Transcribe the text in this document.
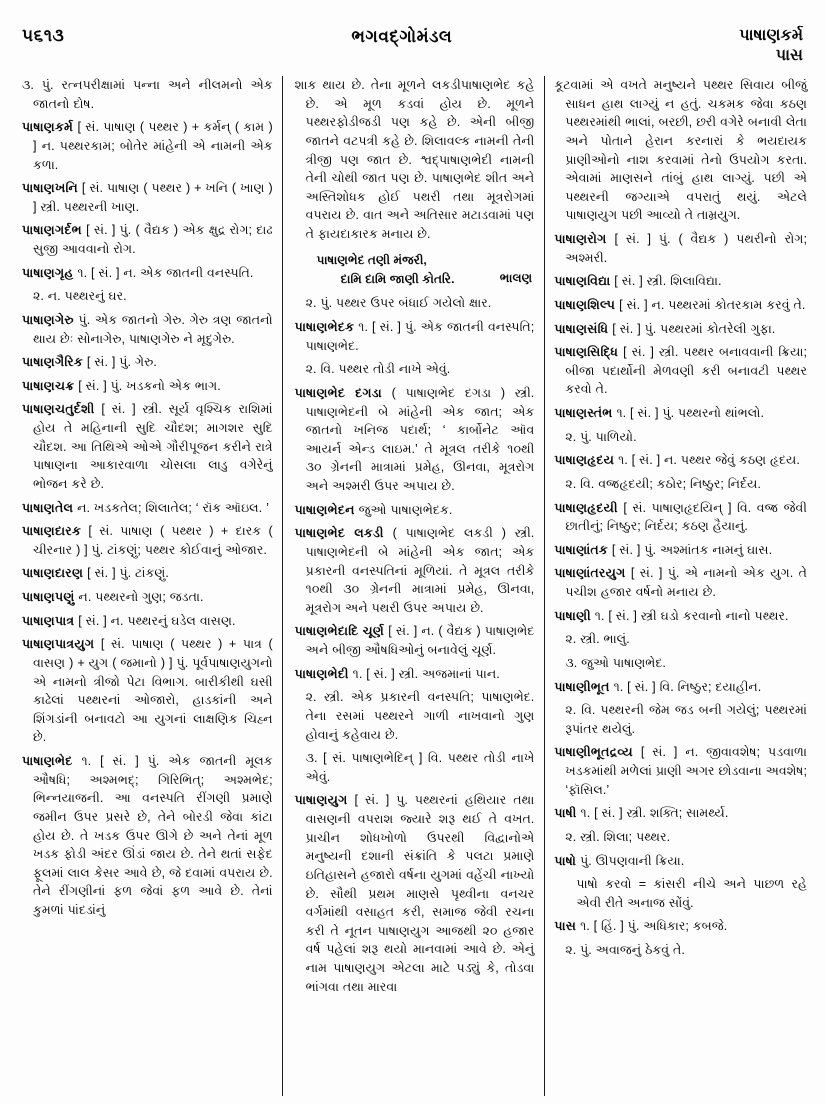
૫૬૧૩	ભગવદ્ગોમંડલ	પાષાણકર્મ
પાસ
૩. પું. રત્નપરીક્ષામાં પન્ના અને નીલમનો એક જાતનો દોષ.
પાષાણકર્મ [ સં. પાષાણ ( પથ્થર ) + કર્મન્ ( કામ ) ] ન. પથ્થરકામ; બોતેર માંહેની એ નામની એક કળા.
પાષાણખનિ [ સં. પાષાણ ( પથ્થર ) + ખનિ ( ખાણ ) ] સ્ત્રી. પથ્થરની ખાણ.
પાષાણગર્દભ [ સં. ] પું. ( વૈદ્યક ) એક ક્ષુદ્ર રોગ; દાઢ સુજી આવવાનો રોગ.
પાષાણગૃહ ૧. [ સં. ] ન. એક જાતની વનસ્પતિ.
૨. ન. પથ્થરનું ઘર.
પાષાણગેરુ પું. એક જાતનો ગેરુ. ગેરુ ત્રણ જાતનો થાય છેઃ સોનાગેરુ, પાષાણગેરુ ને મૃદુગેરુ.
પાષાણગૈરિક [ સં. ] પું. ગેરુ.
પાષાણચક્ર [ સં. ] પું. ખડકનો એક ભાગ.
પાષાણચતુર્દશી [ સં. ] સ્ત્રી. સૂર્ય વૃશ્ચિક રાશિમાં હોય તે મહિનાની સુદિ ચૌદશ; માગશર સુદિ ચૌદશ. આ તિથિએ ઓએ ગૌરીપૂજન કરીને રાત્રે પાષાણના આકારવાળા ચોસલા લાડુ વગેરેનું ભોજન કરે છે.
પાષાણતેલ ન. ખડકતેલ; શિલાતેલ; ‘ રૉક ઑઇલ. ’
પાષાણદારક [ સં. પાષાણ ( પથ્થર ) + દારક ( ચીરનાર ) ] પું. ટાંકણું; પથ્થર કોઈવાનું ઓજાર.
પાષાણદારણ [ સં. ] પું. ટાંકણું.
પાષાણપણું ન. પથ્થરનો ગુણ; જડતા.
પાષાણપાત્ર [ સં. ] ન. પથ્થરનું ઘડેલ વાસણ.
પાષાણપાત્રયુગ [ સં. પાષાણ ( પથ્થર ) + પાત્ર ( વાસણ ) + યુગ ( જમાનો ) ] પું. પૂર્વપાષાણયુગનો એ નામનો ત્રીજો પેટા વિભાગ. બારીકીથી ઘસી કાઢેલાં પથ્થરનાં ઓજારો, હાડકાંની અને શિંગડાંની બનાવટો આ યુગનાં લાક્ષણિક ચિહ્ન છે.
પાષાણભેદ ૧. [ સં. ] પું. એક જાતની મૂલક ઔષધિ; અશ્મભદ્; ગિરિભિત્; અશ્મભેદ; ભિન્નયાજની. આ વનસ્પતિ રીંગણી પ્રમાણે જમીન ઉપર પ્રસરે છે, તેને બોરડી જેવા કાંટા હોય છે. તે ખડક ઉપર ઊગે છે અને તેનાં મૂળ ખડક ફોડી અંદર ઊંડાં જાય છે. તેને થતાં સફેદ ફૂલમાં લાલ કેસર આવે છે, જે દવામાં વપરાય છે. તેને રીંગણીનાં ફળ જેવાં ફળ આવે છે. તેનાં કુમળાં પાંદડાંનું
શાક થાય છે. તેના મૂળને લકડીપાષાણભેદ કહે છે. એ મૂળ કડવાં હોય છે. મૂળને પથ્થરફોડીજડી પણ કહે છે. એની બીજી જાતને વટપત્રી કહે છે. શિલાવલ્ક નામની તેની ત્રીજી પણ જાત છે. શ્વદ્પાષાણભેદી નામની તેની ચોથી જાત પણ છે. પાષાણભેદ શીત અને અસ્તિશોધક હોઈ પથરી તથા મૂત્રરોગમાં વપરાય છે. વાત અને અતિસાર મટાડવામાં પણ તે ફાયદાકારક મનાય છે.
પાષાણભેદ તણી મંજરી,
દામિ દામિ જાણી કોતરિ.	ભાલણ
૨. પું. પથ્થર ઉપર બંધાઈ ગયેલો ક્ષાર.
પાષાણભેદક ૧. [ સં. ] પું. એક જાતની વનસ્પતિ; પાષાણભેદ.
૨. વિ. પથ્થર તોડી નાખે એવું.
પાષાણભેદ દગડા ( પાષાણભેદ દગડા ) સ્ત્રી. પાષાણભેદની બે માંહેની એક જાત; એક જાતનો ખનિજ પદાર્થ; ‘ કાર્બોનેટ ઑવ આયર્ન એન્ડ લાઇમ.’ તે મૂત્રલ તરીકે ૧૦થી ૩૦ ગ્રેનની માત્રામાં પ્રમેહ, ઊનવા, મૂત્રરોગ અને અશ્મરી ઉપર અપાય છે.
પાષાણભેદન જુઓ પાષાણભેદક.
પાષાણભેદ લકડી ( પાષાણભેદ લકડી ) સ્ત્રી. પાષાણભેદની બે માંહેની એક જાત; એક પ્રકારની વનસ્પતિનાં મૂળિયાં. તે મૂત્રલ તરીકે ૧૦થી ૩૦ ગ્રેનની માત્રામાં પ્રમેહ, ઊનવા, મૂત્રરોગ અને પથરી ઉપર અપાય છે.
પાષાણભેદાદિ ચૂર્ણ [ સં. ] ન. ( વૈદ્યક ) પાષાણભેદ અને બીજી ઔષધિઓનું બનાવેલું ચૂર્ણ.
પાષાણભેદી ૧. [ સં. ] સ્ત્રી. અજમાનાં પાન.
૨. સ્ત્રી. એક પ્રકારની વનસ્પતિ; પાષાણભેદ. તેના રસમાં પથ્થરને ગાળી નાખવાનો ગુણ હોવાનું કહેવાય છે.
૩. [ સં. પાષાણભેદિન્ ] વિ. પથ્થર તોડી નાખે એવું.
પાષાણયુગ [ સં. ] પુ. પથ્થરનાં હથિયાર તથા વાસણની વપરાશ જ્યારે શરૂ થઈ તે વખત. પ્રાચીન શોધખોળો ઉપરથી વિદ્વાનોએ મનુષ્યની દશાની સંક્રાંતિ કે પલટા પ્રમાણે ઇતિહાસને હજારો વર્ષના યુગમાં વહેંચી નાખ્યો છે. સૌથી પ્રથમ માણસે પૃથ્વીના વનચર વર્ગમાંથી વસાહત કરી, સમાજ જેવી રચના કરી તે નૂતન પાષાણયુગ આજથી ૨૦ હજાર વર્ષ પહેલાં શરૂ થયો માનવામાં આવે છે. એનું નામ પાષાણયુગ એટલા માટે પડ્યું કે, તોડવા ભાંગવા તથા મારવા
કૂટવામાં એ વખતે મનુષ્યને પથ્થર સિવાય બીજું સાધન હાથ લાગ્યું ન હતું. ચકમક જેવા કઠણ પથ્થરમાંથી ભાલાં, બરછી, છરી વગેરે બનાવી લેતા અને પોતાને હેરાન કરનારાં કે ભયદાયક પ્રાણીઓનો નાશ કરવામાં તેનો ઉપયોગ કરતા. એવામાં માણસને તાંબું હાથ લાગ્યું. પછી એ પથ્થરની જગ્યાએ વપરાતું થયું. એટલે પાષાણયુગ પછી આવ્યો તે તામ્રયુગ.
પાષાણરોગ [ સં. ] પું. ( વૈદ્યક ) પથરીનો રોગ; અશ્મરી.
પાષાણવિદ્યા [ સં. ] સ્ત્રી. શિલાવિદ્યા.
પાષાણશિલ્પ [ સં. ] ન. પથ્થરમાં કોતરકામ કરવું તે.
પાષાણસંધિ [ સં. ] પું. પથ્થરમાં કોતરેલી ગુફા.
પાષાણસિદ્ધિ [ સં. ] સ્ત્રી. પથ્થર બનાવવાની ક્રિયા; બીજા પદાર્થોની મેળવણી કરી બનાવટી પથ્થર કરવો તે.
પાષાણસ્તંભ ૧. [ સં. ] પું. પથ્થરનો થાંભલો.
૨. પું. પાળિયો.
પાષાણહૃદય ૧. [ સં. ] ન. પથ્થર જેવું કઠણ હૃદય.
૨. વિ. વજ્રહૃદયી; કઠોર; નિષ્ઠુર; નિર્દય.
પાષાણહૃદયી [ સં. પાષાણહૃદયિન્ ] વિ. વજ્ર જેવી છાતીનું; નિષ્ઠુર; નિર્દય; કઠણ હૈયાનું.
પાષાણાંતક [ સં. ] પું. અશ્માંતક નામનું ઘાસ.
પાષાણાંતરયુગ [ સં. ] પું. એ નામનો એક યુગ. તે પચીશ હજાર વર્ષનો મનાય છે.
પાષાણી ૧. [ સં. ] સ્ત્રી ઘડો કરવાનો નાનો પથ્થર.
૨. સ્ત્રી. ભાલું.
૩. જુઓ પાષાણભેદ.
પાષાણીભૂત ૧. [ સં. ] વિ. નિષ્ઠુર; દયાહીન.
૨. વિ. પથ્થરની જેમ જડ બની ગયેલું; પથ્થરમાં રૂપાંતર થયેલું.
પાષાણીભૂતદ્રવ્ય [ સં. ] ન. જીવાવશેષ; પડવાળા ખડકમાંથી મળેલાં પ્રાણી અગર છોડવાના અવશેષ; ‘ફૉસિલ.’
પાષી ૧. [ સં. ] સ્ત્રી. શક્તિ; સામર્થ્ય.
૨. સ્ત્રી. શિલા; પથ્થર.
પાષો પું. ઊપણવાની ક્રિયા.
પાષો કરવો = કાંસરી નીચે અને પાછળ રહે એવી રીતે અનાજ સોંવું.
પાસ ૧. [ હિં. ] પું. અધિકાર; કબજે.
૨. પું. અવાજનું ઠેકવું તે.
